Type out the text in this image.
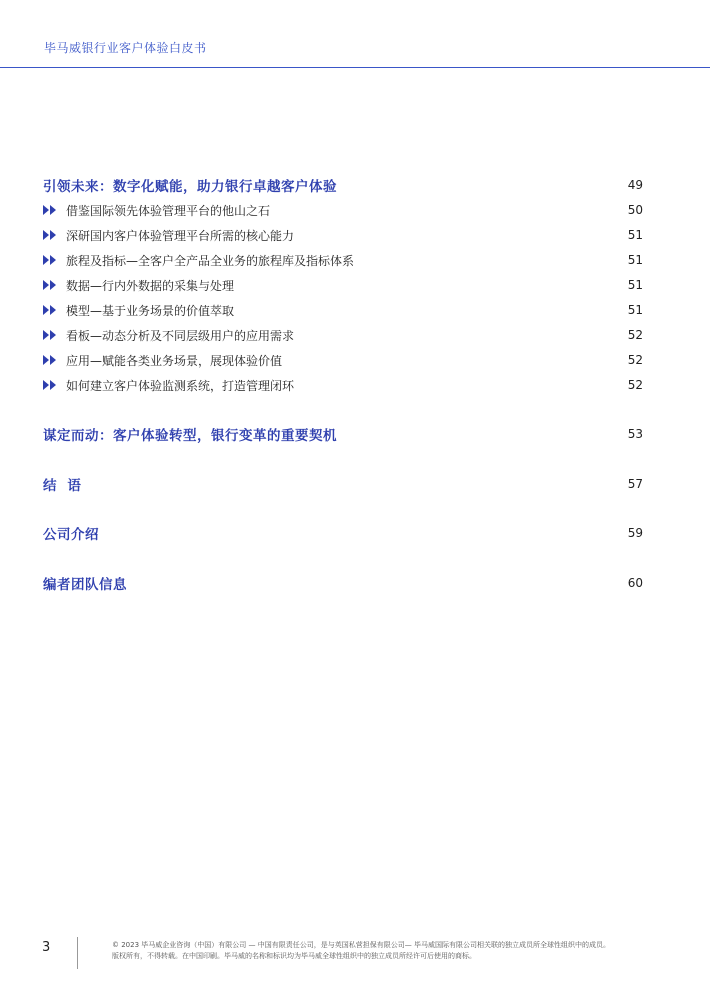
毕马威银行业客户体验白皮书
引领未来：数字化赋能，助力银行卓越客户体验	49
借鉴国际领先体验管理平台的他山之石	50
深研国内客户体验管理平台所需的核心能力	51
旅程及指标—全客户全产品全业务的旅程库及指标体系	51
数据—行内外数据的采集与处理	51
模型—基于业务场景的价值萃取	51
看板—动态分析及不同层级用户的应用需求	52
应用—赋能各类业务场景，展现体验价值	52
如何建立客户体验监测系统，打造管理闭环	52
谋定而动：客户体验转型，银行变革的重要契机	53
结  语	57
公司介绍	59
编者团队信息	60
3	© 2023 毕马威企业咨询（中国）有限公司 — 中国有限责任公司，是与英国私营担保有限公司— 毕马威国际有限公司相关联的独立成员所全球性组织中的成员。
版权所有，不得转载。在中国印刷。毕马威的名称和标识均为毕马威全球性组织中的独立成员所经许可后使用的商标。
